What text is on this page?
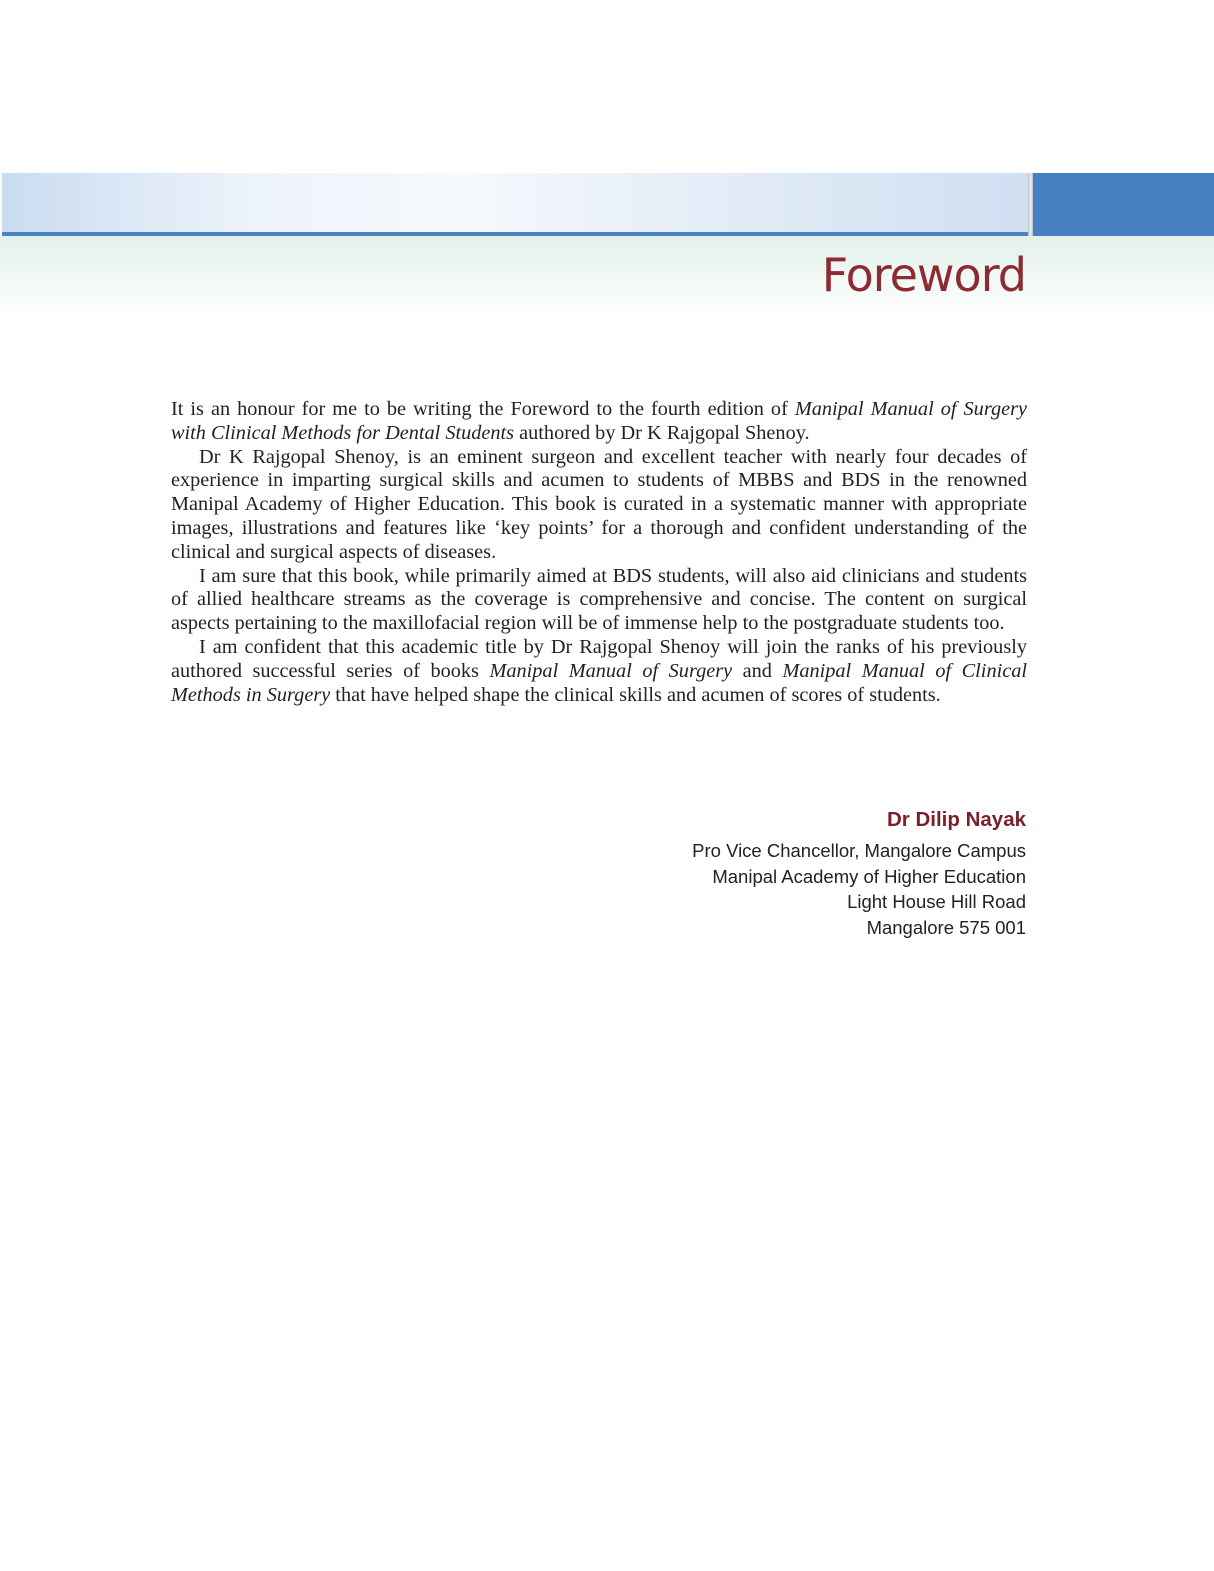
Foreword

It is an honour for me to be writing the Foreword to the fourth edition of Manipal Manual of Surgery with Clinical Methods for Dental Students authored by Dr K Rajgopal Shenoy.

Dr K Rajgopal Shenoy, is an eminent surgeon and excellent teacher with nearly four decades of experience in imparting surgical skills and acumen to students of MBBS and BDS in the renowned Manipal Academy of Higher Education. This book is curated in a systematic manner with appropriate images, illustrations and features like ‘key points’ for a thorough and confident understanding of the clinical and surgical aspects of diseases.

I am sure that this book, while primarily aimed at BDS students, will also aid clinicians and students of allied healthcare streams as the coverage is comprehensive and concise. The content on surgical aspects pertaining to the maxillofacial region will be of immense help to the postgraduate students too.

I am confident that this academic title by Dr Rajgopal Shenoy will join the ranks of his previously authored successful series of books Manipal Manual of Surgery and Manipal Manual of Clinical Methods in Surgery that have helped shape the clinical skills and acumen of scores of students.

Dr Dilip Nayak
Pro Vice Chancellor, Mangalore Campus
Manipal Academy of Higher Education
Light House Hill Road
Mangalore 575 001
